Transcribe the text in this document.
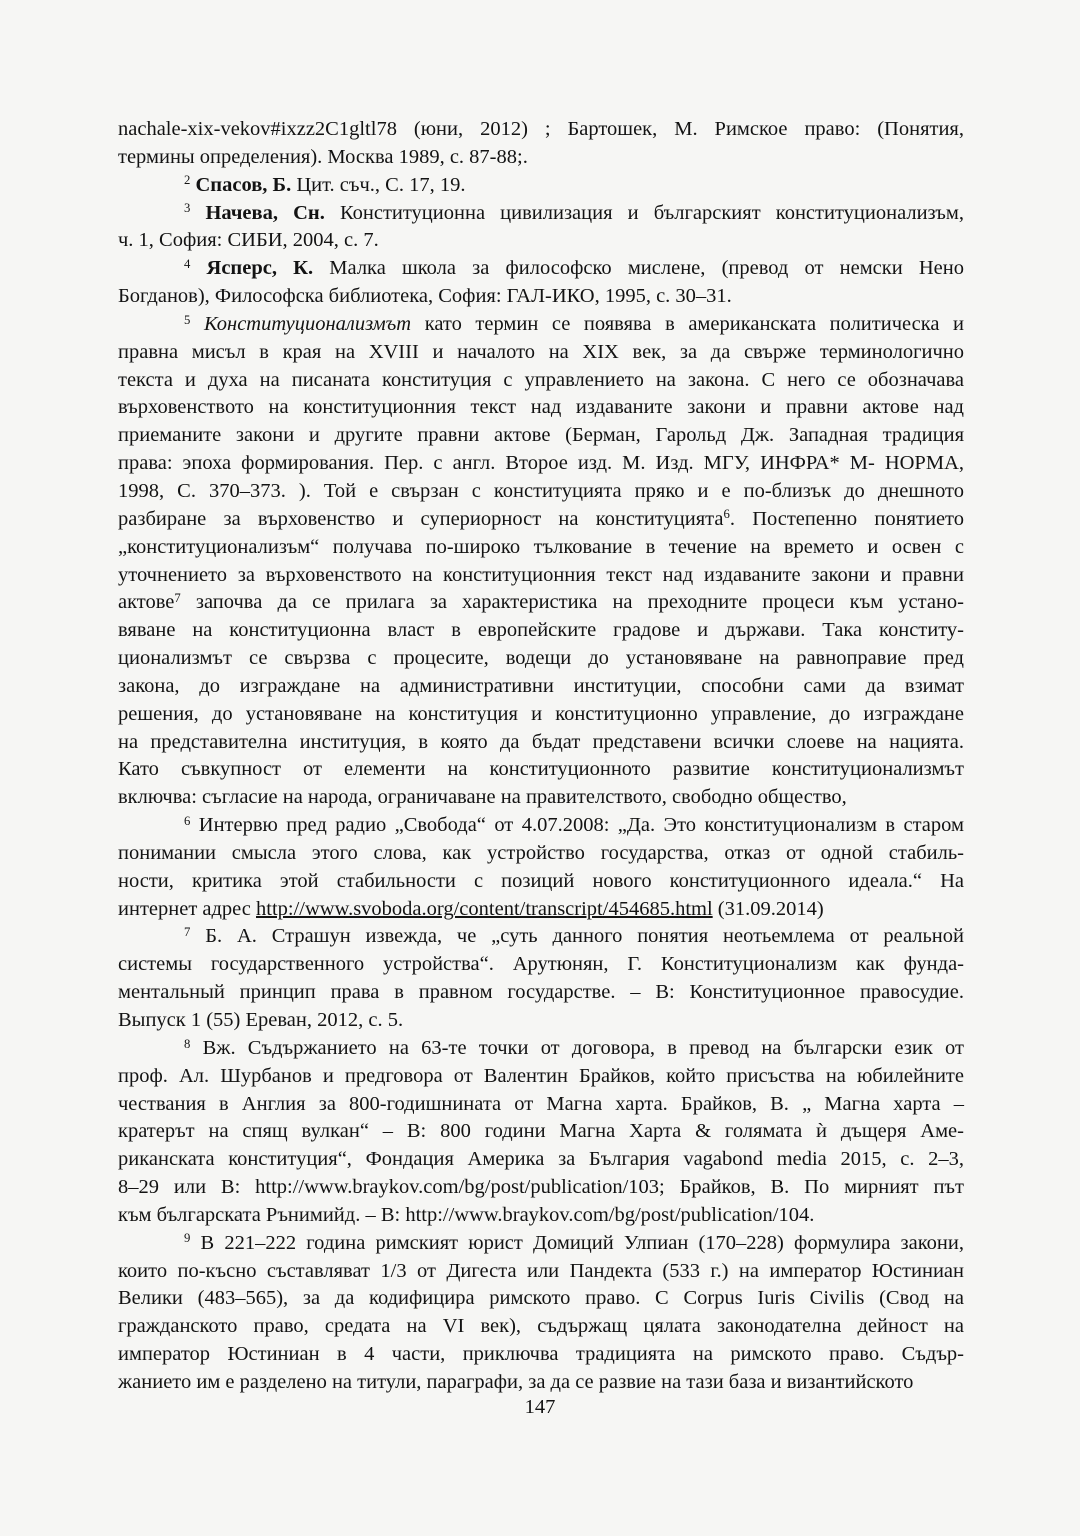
nachale-xix-vekov#ixzz2C1gltl78 (юни, 2012) ; Бартошек, М. Римское право: (Понятия,
термины определения). Москва 1989, с. 87-88;.
$^2$ Спасов, Б. Цит. съч., С. 17, 19.
$^3$ Начева, Сн. Конституционна цивилизация и българският конституционализъм,
ч. 1, София: СИБИ, 2004, с. 7.
$^4$ Ясперс, К. Малка школа за философско мислене, (превод от немски Нено
Богданов), Философска библиотека, София: ГАЛ-ИКО, 1995, с. 30–31.
$^5$ Конституционализмът като термин се появява в американската политическа и
правна мисъл в края на XVIII и началото на XIX век, за да свърже терминологично
текста и духа на писаната конституция с управлението на закона. С него се обозначава
върховенството на конституционния текст над издаваните закони и правни актове над
приеманите закони и другите правни актове (Берман, Гарольд Дж. Западная традиция
права: эпоха формирования. Пер. с англ. Второе изд. М. Изд. МГУ, ИНФРА* М- НОРМА,
1998, С. 370–373. ). Той е свързан с конституцията пряко и е по-близък до днешното
разбиране за върховенство и супериорност на конституцията$^6$. Постепенно понятието
„конституционализъм“ получава по-широко тълкование в течение на времето и освен с
уточнението за върховенството на конституционния текст над издаваните закони и правни
актове$^7$ започва да се прилага за характеристика на преходните процеси към устано-
вяване на конституционна власт в европейските градове и държави. Така конститу-
ционализмът се свързва с процесите, водещи до установяване на равноправие пред
закона, до изграждане на административни институции, способни сами да взимат
решения, до установяване на конституция и конституционно управление, до изграждане
на представителна институция, в която да бъдат представени всички слоеве на нацията.
Като съвкупност от елементи на конституционното развитие конституционализмът
включва: съгласие на народа, ограничаване на правителството, свободно общество,
$^6$ Интервю пред радио „Свобода“ от 4.07.2008: „Да. Это конституционализм в старом
понимании смысла этого слова, как устройство государства, отказ от одной стабиль-
ности, критика этой стабильности с позиций нового конституционного идеала.“ На
интернет адрес http://www.svoboda.org/content/transcript/454685.html (31.09.2014)
$^7$ Б. А. Страшун извежда, че „суть данного понятия неотьемлема от реальной
системы государственного устройства“. Арутюнян, Г. Конституционализм как фунда-
ментальный принцип права в правном государстве. – В: Конституционное правосудие.
Выпуск 1 (55) Ереван, 2012, с. 5.
$^8$ Вж. Съдържанието на 63-те точки от договора, в превод на български език от
проф. Ал. Шурбанов и предговора от Валентин Брайков, който присъства на юбилейните
чествания в Англия за 800-годишнината от Магна харта. Брайков, В. „ Магна харта –
кратерът на спящ вулкан“ – В: 800 години Магна Харта & голямата ѝ дъщеря Аме-
риканската конституция“, Фондация Америка за България vagabond media 2015, с. 2–3,
8–29 или В: http://www.braykov.com/bg/post/publication/103; Брайков, В. По мирният път
към българската Рънимийд. – В: http://www.braykov.com/bg/post/publication/104.
$^9$ В 221–222 година римският юрист Домиций Улпиан (170–228) формулира закони,
които по-късно съставляват 1/3 от Дигеста или Пандекта (533 г.) на император Юстиниан
Велики (483–565), за да кодифицира римското право. С Corpus Iuris Civilis (Свод на
гражданското право, средата на VI век), съдържащ цялата законодателна дейност на
император Юстиниан в 4 части, приключва традицията на римското право. Съдър-
жанието им е разделено на титули, параграфи, за да се развие на тази база и византийското
147
